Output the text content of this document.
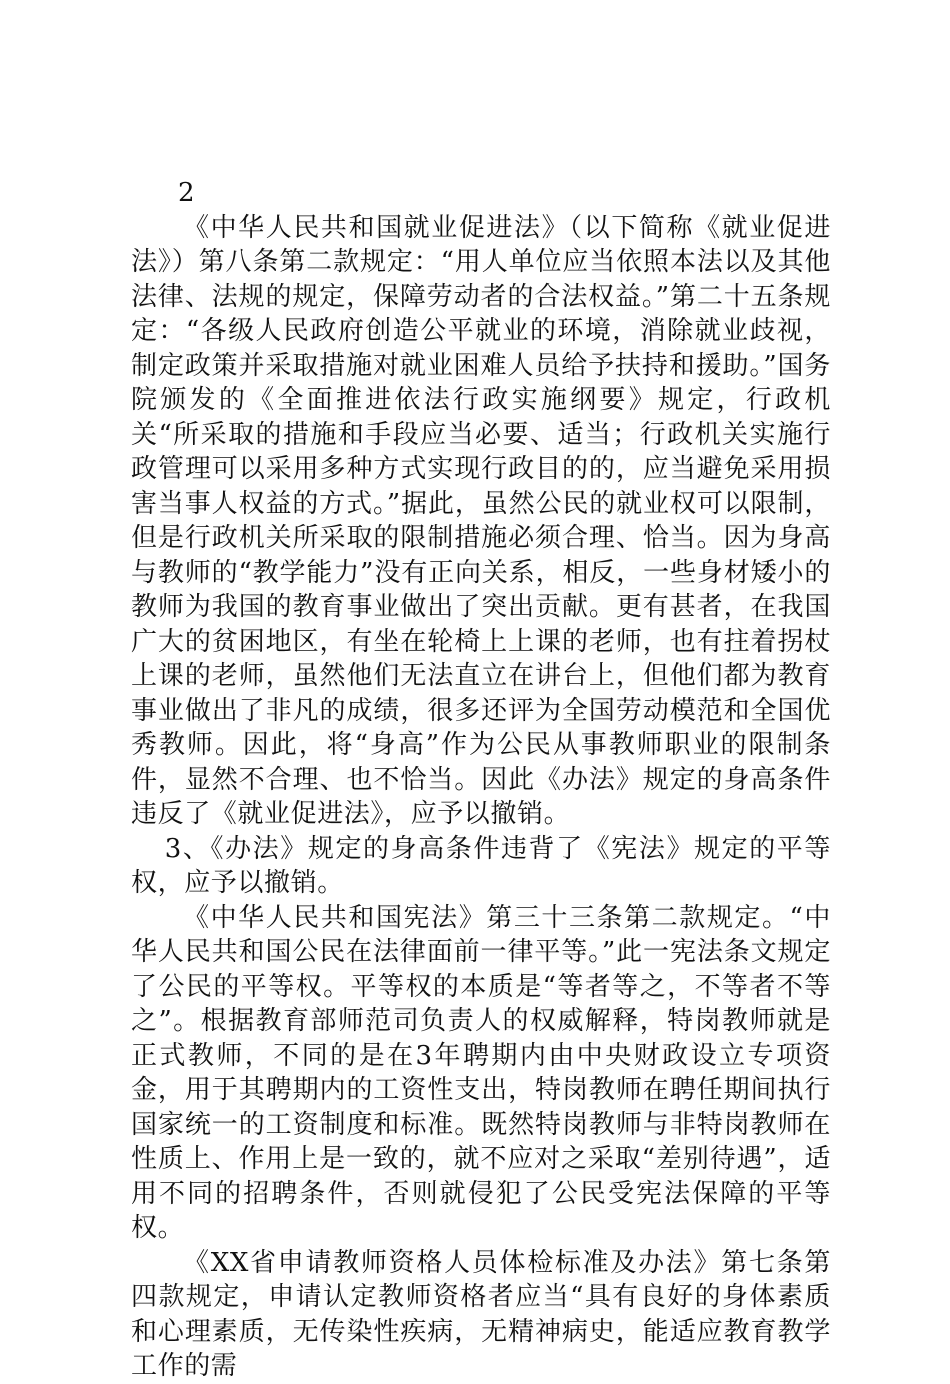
2

《中华人民共和国就业促进法》（以下简称《就业促进法》）第八条第二款规定：“用人单位应当依照本法以及其他法律、法规的规定，保障劳动者的合法权益。”第二十五条规定：“各级人民政府创造公平就业的环境，消除就业歧视，制定政策并采取措施对就业困难人员给予扶持和援助。”国务院颁发的《全面推进依法行政实施纲要》规定，行政机关“所采取的措施和手段应当必要、适当；行政机关实施行政管理可以采用多种方式实现行政目的的，应当避免采用损害当事人权益的方式。”据此，虽然公民的就业权可以限制，但是行政机关所采取的限制措施必须合理、恰当。因为身高与教师的“教学能力”没有正向关系，相反，一些身材矮小的教师为我国的教育事业做出了突出贡献。更有甚者，在我国广大的贫困地区，有坐在轮椅上上课的老师，也有拄着拐杖上课的老师，虽然他们无法直立在讲台上，但他们都为教育事业做出了非凡的成绩，很多还评为全国劳动模范和全国优秀教师。因此，将“身高”作为公民从事教师职业的限制条件，显然不合理、也不恰当。因此《办法》规定的身高条件违反了《就业促进法》，应予以撤销。

3、《办法》规定的身高条件违背了《宪法》规定的平等权，应予以撤销。

《中华人民共和国宪法》第三十三条第二款规定。“中华人民共和国公民在法律面前一律平等。”此一宪法条文规定了公民的平等权。平等权的本质是“等者等之，不等者不等之”。根据教育部师范司负责人的权威解释，特岗教师就是正式教师，不同的是在3年聘期内由中央财政设立专项资金，用于其聘期内的工资性支出，特岗教师在聘任期间执行国家统一的工资制度和标准。既然特岗教师与非特岗教师在性质上、作用上是一致的，就不应对之采取“差别待遇”，适用不同的招聘条件，否则就侵犯了公民受宪法保障的平等权。

《XX省申请教师资格人员体检标准及办法》第七条第四款规定，申请认定教师资格者应当“具有良好的身体素质和心理素质，无传染性疾病，无精神病史，能适应教育教学工作的需
